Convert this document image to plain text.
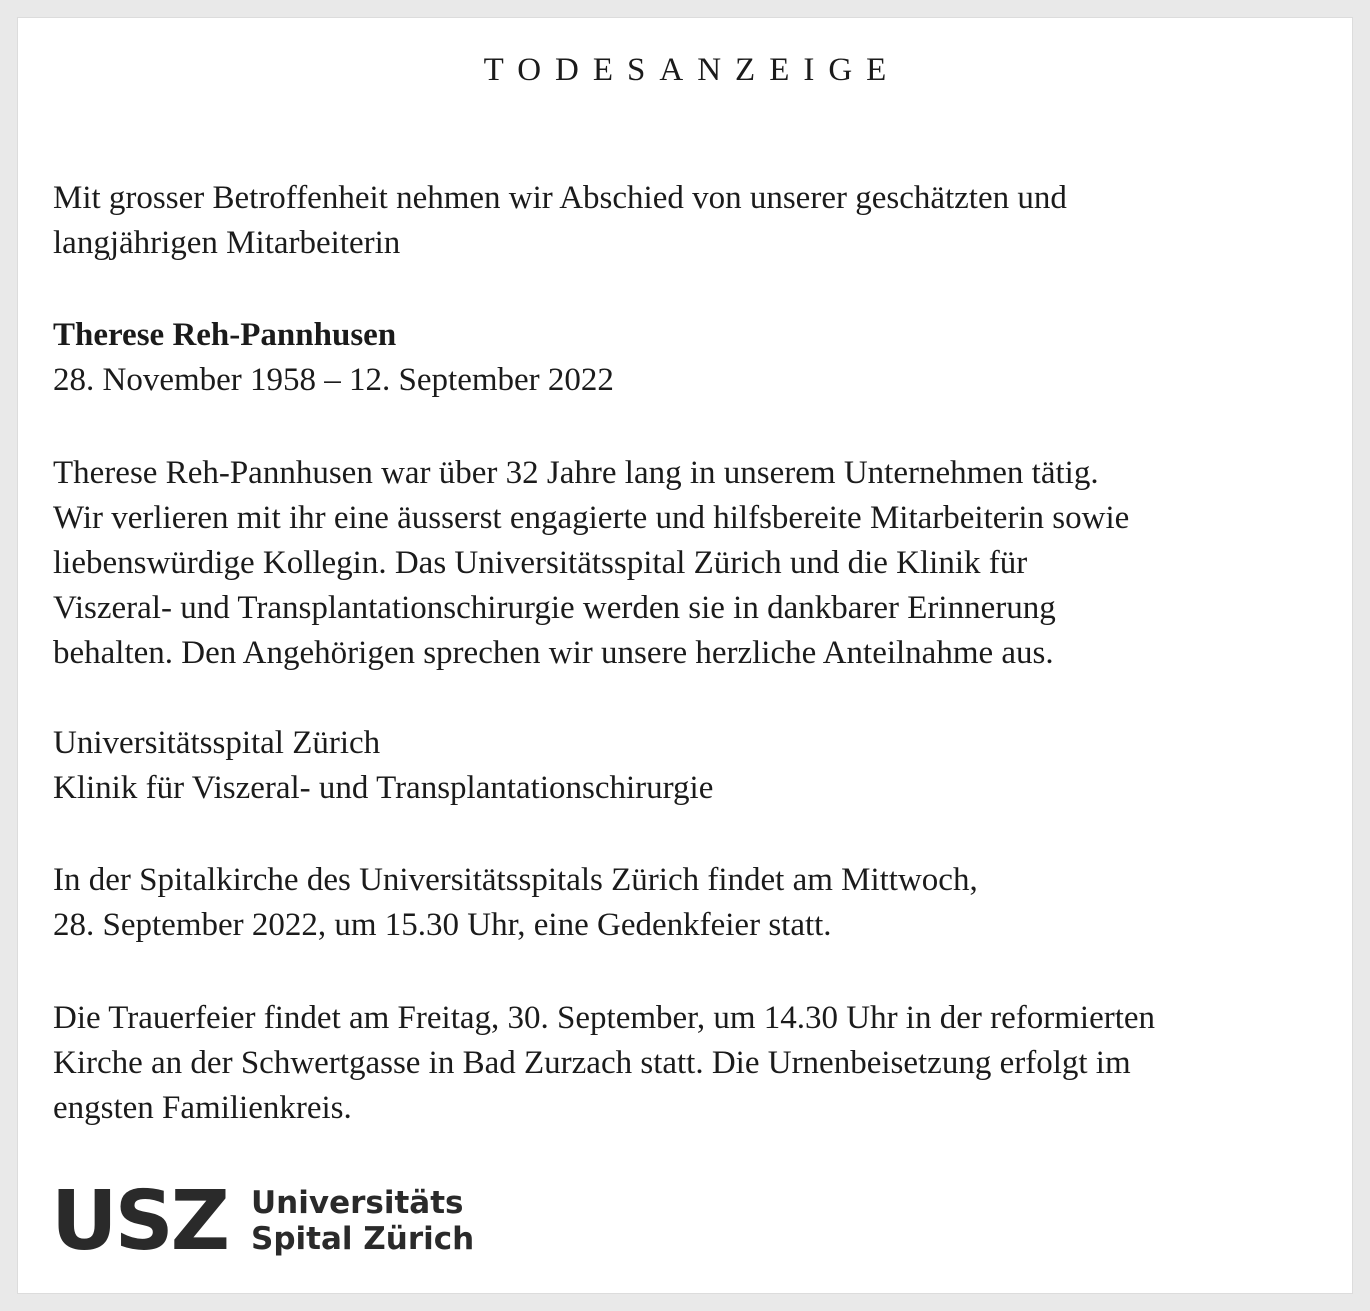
TODESANZEIGE
Mit grosser Betroffenheit nehmen wir Abschied von unserer geschätzten und
langjährigen Mitarbeiterin
Therese Reh-Pannhusen
28. November 1958 – 12. September 2022
Therese Reh-Pannhusen war über 32 Jahre lang in unserem Unternehmen tätig.
Wir verlieren mit ihr eine äusserst engagierte und hilfsbereite Mitarbeiterin sowie
liebenswürdige Kollegin. Das Universitätsspital Zürich und die Klinik für
Viszeral- und Transplantationschirurgie werden sie in dankbarer Erinnerung
behalten. Den Angehörigen sprechen wir unsere herzliche Anteilnahme aus.
Universitätsspital Zürich
Klinik für Viszeral- und Transplantationschirurgie
In der Spitalkirche des Universitätsspitals Zürich findet am Mittwoch,
28. September 2022, um 15.30 Uhr, eine Gedenkfeier statt.
Die Trauerfeier findet am Freitag, 30. September, um 14.30 Uhr in der reformierten
Kirche an der Schwertgasse in Bad Zurzach statt. Die Urnenbeisetzung erfolgt im
engsten Familienkreis.
USZ Universitäts
Spital Zürich
